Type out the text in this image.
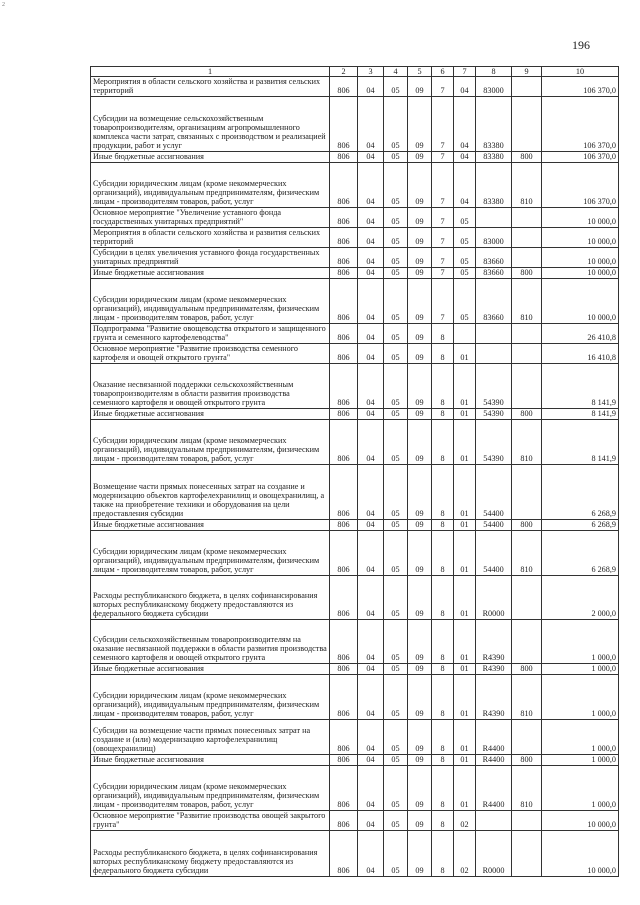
2
196
1	2	3	4	5	6	7	8	9	10
Мероприятия в области сельского хозяйства и развития сельских территорий	806	04	05	09	7	04	83000		106 370,0
Субсидии на возмещение сельскохозяйственным товаропроизводителям, организациям агропромышленного комплекса части затрат, связанных с производством и реализацией продукции, работ и услуг	806	04	05	09	7	04	83380		106 370,0
Иные бюджетные ассигнования	806	04	05	09	7	04	83380	800	106 370,0
Субсидии юридическим лицам (кроме некоммерческих организаций), индивидуальным предпринимателям, физическим лицам - производителям товаров, работ, услуг	806	04	05	09	7	04	83380	810	106 370,0
Основное мероприятие "Увеличение уставного фонда государственных унитарных предприятий"	806	04	05	09	7	05			10 000,0
Мероприятия в области сельского хозяйства и развития сельских территорий	806	04	05	09	7	05	83000		10 000,0
Субсидии в целях увеличения уставного фонда государственных унитарных предприятий	806	04	05	09	7	05	83660		10 000,0
Иные бюджетные ассигнования	806	04	05	09	7	05	83660	800	10 000,0
Субсидии юридическим лицам (кроме некоммерческих организаций), индивидуальным предпринимателям, физическим лицам - производителям товаров, работ, услуг	806	04	05	09	7	05	83660	810	10 000,0
Подпрограмма "Развитие овощеводства открытого и защищенного грунта и семенного картофелеводства"	806	04	05	09	8				26 410,8
Основное мероприятие "Развитие производства семенного картофеля и овощей открытого грунта"	806	04	05	09	8	01			16 410,8
Оказание несвязанной поддержки сельскохозяйственным товаропроизводителям в области развития производства семенного картофеля и овощей открытого грунта	806	04	05	09	8	01	54390		8 141,9
Иные бюджетные ассигнования	806	04	05	09	8	01	54390	800	8 141,9
Субсидии юридическим лицам (кроме некоммерческих организаций), индивидуальным предпринимателям, физическим лицам - производителям товаров, работ, услуг	806	04	05	09	8	01	54390	810	8 141,9
Возмещение части прямых понесенных затрат на создание и модернизацию объектов картофелехранилищ и овощехранилищ, а также на приобретение техники и оборудования на цели предоставления субсидии	806	04	05	09	8	01	54400		6 268,9
Иные бюджетные ассигнования	806	04	05	09	8	01	54400	800	6 268,9
Субсидии юридическим лицам (кроме некоммерческих организаций), индивидуальным предпринимателям, физическим лицам - производителям товаров, работ, услуг	806	04	05	09	8	01	54400	810	6 268,9
Расходы республиканского бюджета, в целях софинансирования которых республиканскому бюджету предоставляются из федерального бюджета субсидии	806	04	05	09	8	01	R0000		2 000,0
Субсидии сельскохозяйственным товаропроизводителям на оказание несвязанной поддержки в области развития производства семенного картофеля и овощей открытого грунта	806	04	05	09	8	01	R4390		1 000,0
Иные бюджетные ассигнования	806	04	05	09	8	01	R4390	800	1 000,0
Субсидии юридическим лицам (кроме некоммерческих организаций), индивидуальным предпринимателям, физическим лицам - производителям товаров, работ, услуг	806	04	05	09	8	01	R4390	810	1 000,0
Субсидии на возмещение части прямых понесенных затрат на создание и (или) модернизацию картофелехранилищ (овощехранилищ)	806	04	05	09	8	01	R4400		1 000,0
Иные бюджетные ассигнования	806	04	05	09	8	01	R4400	800	1 000,0
Субсидии юридическим лицам (кроме некоммерческих организаций), индивидуальным предпринимателям, физическим лицам - производителям товаров, работ, услуг	806	04	05	09	8	01	R4400	810	1 000,0
Основное мероприятие "Развитие производства овощей закрытого грунта"	806	04	05	09	8	02			10 000,0
Расходы республиканского бюджета, в целях софинансирования которых республиканскому бюджету предоставляются из федерального бюджета субсидии	806	04	05	09	8	02	R0000		10 000,0
